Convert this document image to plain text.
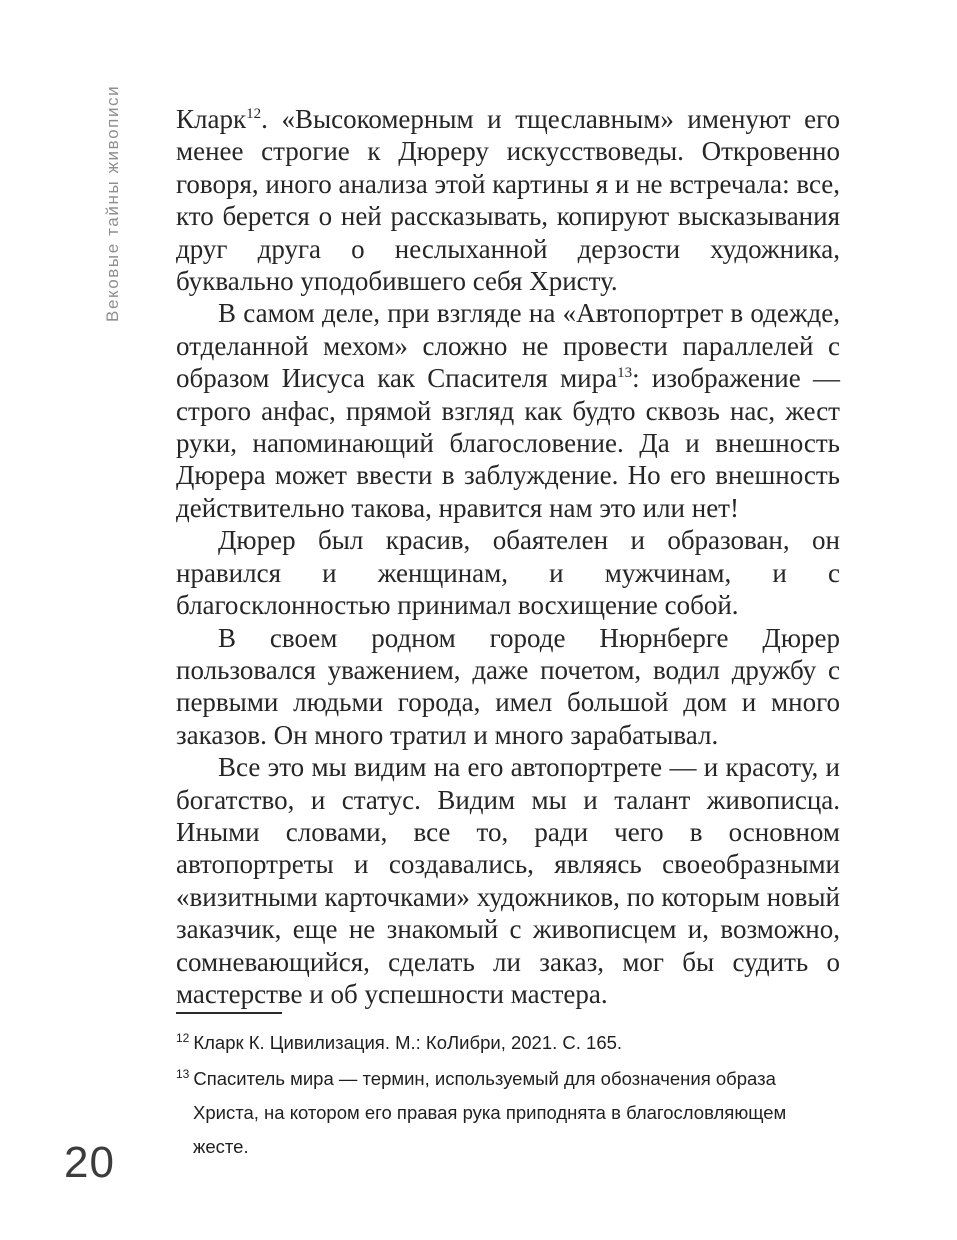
Вековые тайны живописи Кларк$^{12}$. «Высокомерным и тщеславным» именуют его менее строгие к Дюреру искусствоведы. Откровенно говоря, иного анализа этой картины я и не встречала: все, кто берется о ней рассказывать, копируют высказывания друг друга о неслыханной дерзости художника, буквально уподобившего себя Христу.

В самом деле, при взгляде на «Автопортрет в одежде, отделанной мехом» сложно не провести параллелей с образом Иисуса как Спасителя мира$^{13}$: изображение — строго анфас, прямой взгляд как будто сквозь нас, жест руки, напоминающий благословение. Да и внешность Дюрера может ввести в заблуждение. Но его внешность действительно такова, нравится нам это или нет!

Дюрер был красив, обаятелен и образован, он нравился и женщинам, и мужчинам, и с благосклонностью принимал восхищение собой.

В своем родном городе Нюрнберге Дюрер пользовался уважением, даже почетом, водил дружбу с первыми людьми города, имел большой дом и много заказов. Он много тратил и много зарабатывал.

Все это мы видим на его автопортрете — и красоту, и богатство, и статус. Видим мы и талант живописца. Иными словами, все то, ради чего в основном автопортреты и создавались, являясь своеобразными «визитными карточками» художников, по которым новый заказчик, еще не знакомый с живописцем и, возможно, сомневающийся, сделать ли заказ, мог бы судить о мастерстве и об успешности мастера.

$^{12}$ Кларк К. Цивилизация. М.: КоЛибри, 2021. С. 165.

$^{13}$ Спаситель мира — термин, используемый для обозначения образа Христа, на котором его правая рука приподнята в благословляющем жесте.

20
